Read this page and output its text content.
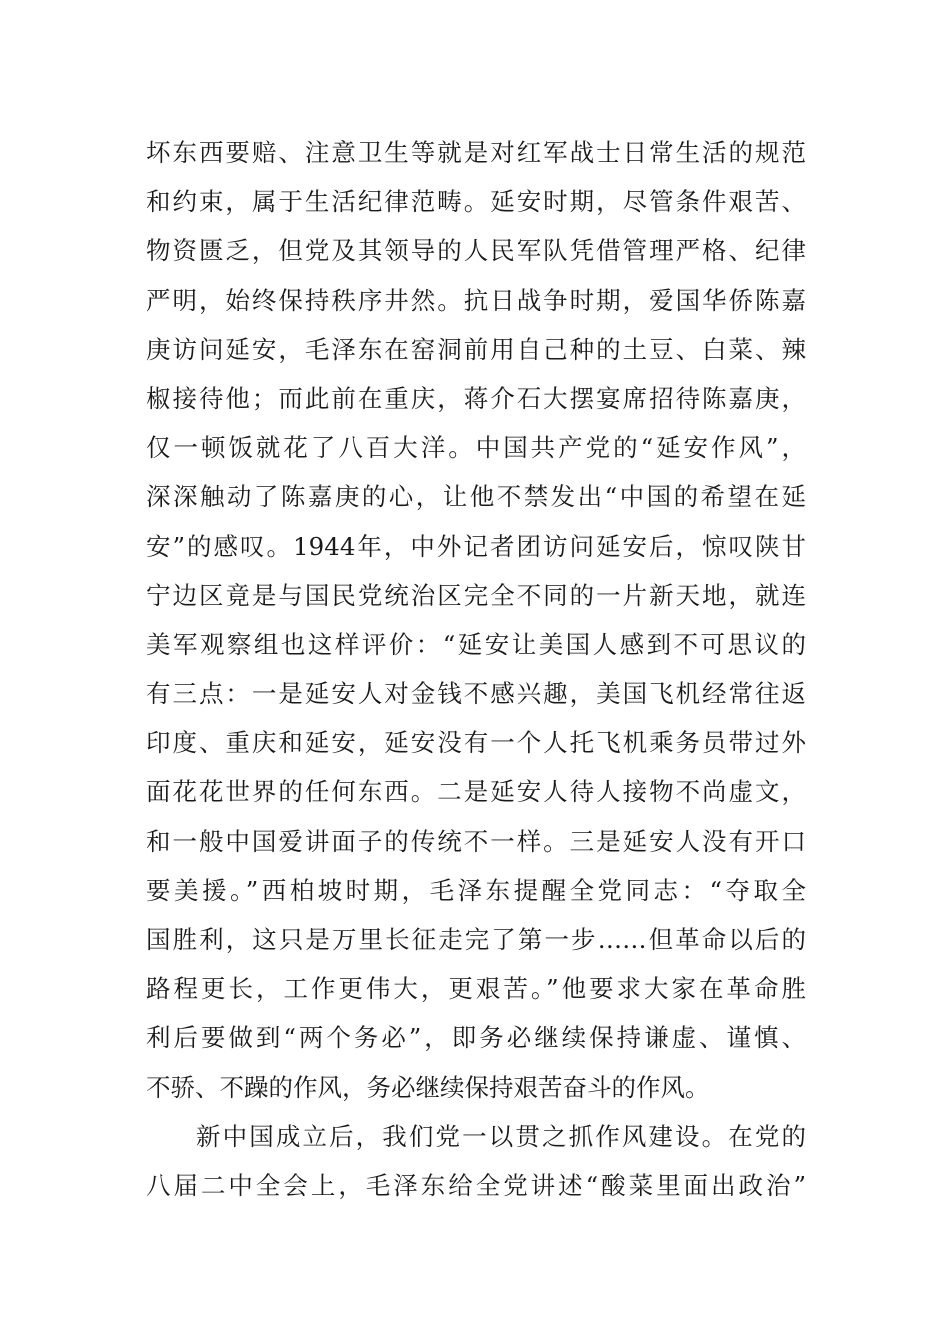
坏东西要赔、注意卫生等就是对红军战士日常生活的规范
和约束，属于生活纪律范畴。延安时期，尽管条件艰苦、
物资匮乏，但党及其领导的人民军队凭借管理严格、纪律
严明，始终保持秩序井然。抗日战争时期，爱国华侨陈嘉
庚访问延安，毛泽东在窑洞前用自己种的土豆、白菜、辣
椒接待他；而此前在重庆，蒋介石大摆宴席招待陈嘉庚，
仅一顿饭就花了八百大洋。中国共产党的“延安作风”，
深深触动了陈嘉庚的心，让他不禁发出“中国的希望在延
安”的感叹。1944年，中外记者团访问延安后，惊叹陕甘
宁边区竟是与国民党统治区完全不同的一片新天地，就连
美军观察组也这样评价：“延安让美国人感到不可思议的
有三点：一是延安人对金钱不感兴趣，美国飞机经常往返
印度、重庆和延安，延安没有一个人托飞机乘务员带过外
面花花世界的任何东西。二是延安人待人接物不尚虚文，
和一般中国爱讲面子的传统不一样。三是延安人没有开口
要美援。”西柏坡时期，毛泽东提醒全党同志：“夺取全
国胜利，这只是万里长征走完了第一步……但革命以后的
路程更长，工作更伟大，更艰苦。”他要求大家在革命胜
利后要做到“两个务必”，即务必继续保持谦虚、谨慎、
不骄、不躁的作风，务必继续保持艰苦奋斗的作风。
新中国成立后，我们党一以贯之抓作风建设。在党的
八届二中全会上，毛泽东给全党讲述“酸菜里面出政治”
